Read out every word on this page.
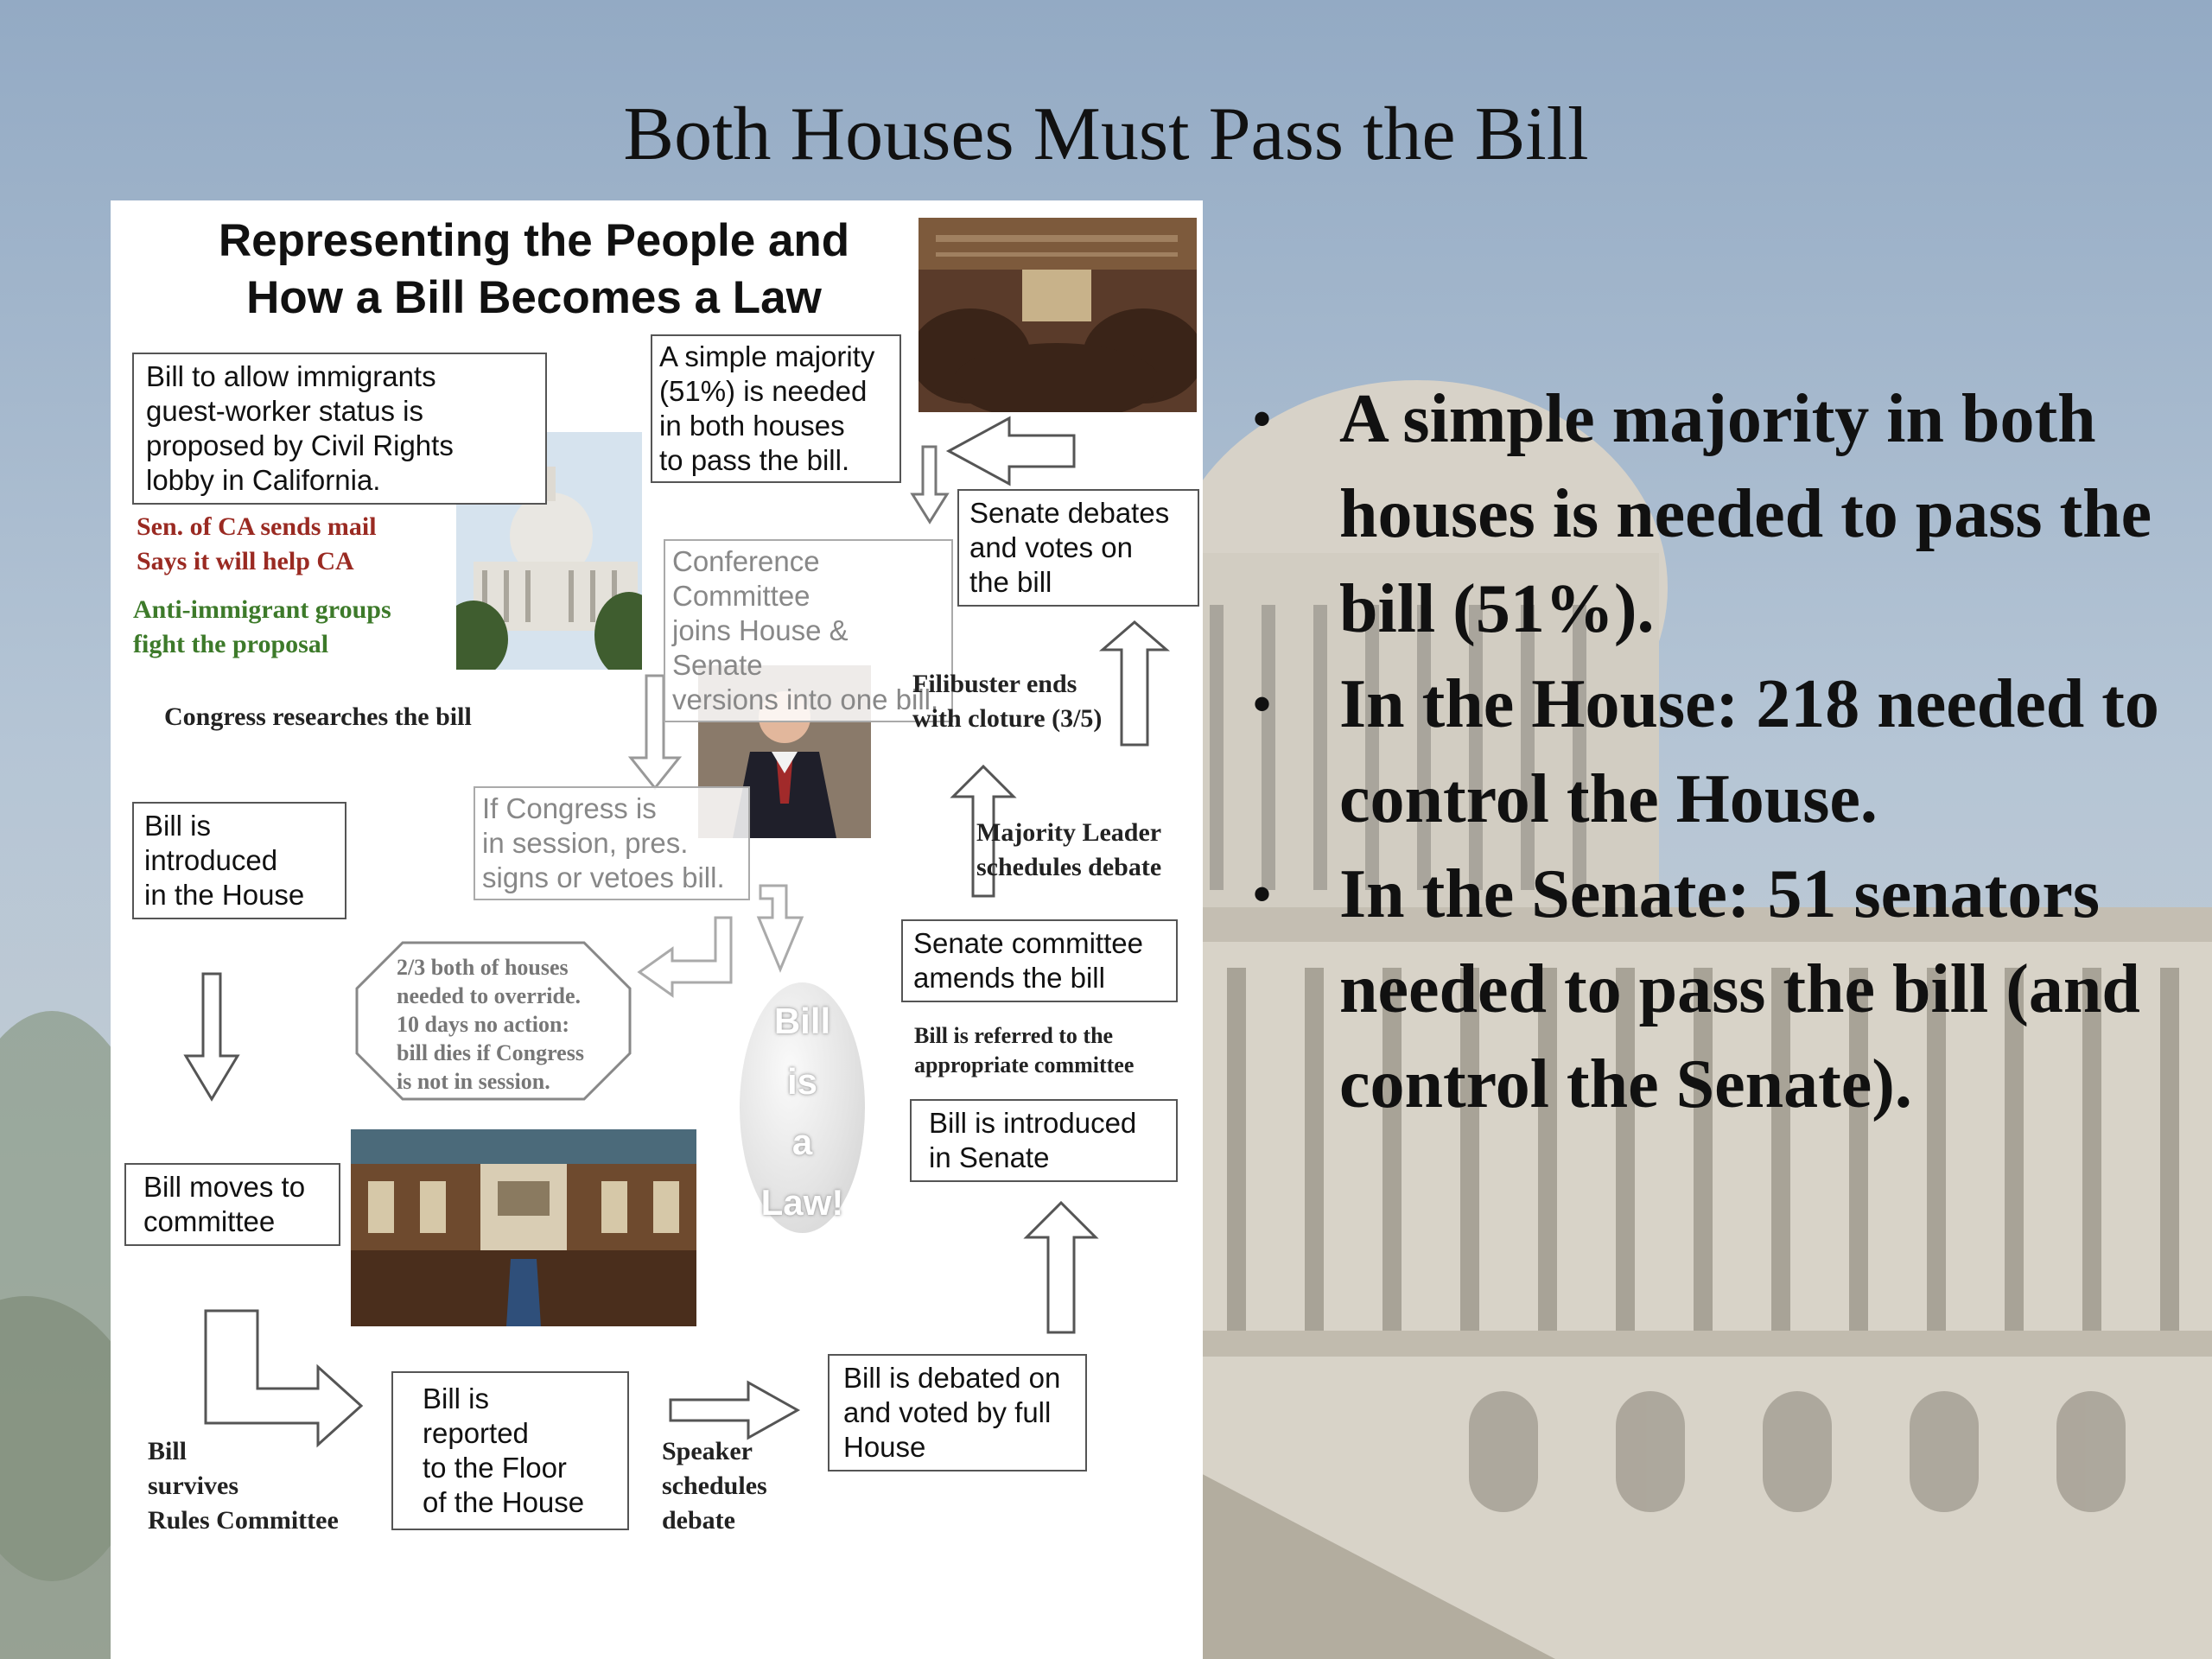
Both Houses Must Pass the Bill
Representing the People and
How a Bill Becomes a Law
Bill
is
a
Law!
Bill to allow immigrants
guest-worker status is
proposed by Civil Rights
lobby in California.
A simple majority
(51%) is needed
in both houses
to pass the bill.
Senate debates
and votes on
the bill
Conference Committee
joins House & Senate
versions into one bill.
Bill is introduced
in the House
If Congress is
in session, pres.
signs or vetoes bill.
Senate committee
amends the bill
2/3 both of houses
needed to override.
10 days no action:
bill dies if Congress
is not in session.
Bill is introduced
in Senate
Bill moves to
committee
Bill is reported
to the Floor
of the House
Bill is debated on
and voted by full
House
Sen. of CA sends mail
Says it will help CA
Anti-immigrant groups
fight the proposal
Congress researches the bill
Filibuster ends
with cloture (3/5)
Majority Leader
schedules debate
Bill is referred to the
appropriate committee
Bill
survives
Rules Committee
Speaker
schedules
debate
• A simple majority in both houses is needed to pass the bill (51%).
• In the House: 218 needed to control the House.
• In the Senate: 51 senators needed to pass the bill (and control the Senate).
